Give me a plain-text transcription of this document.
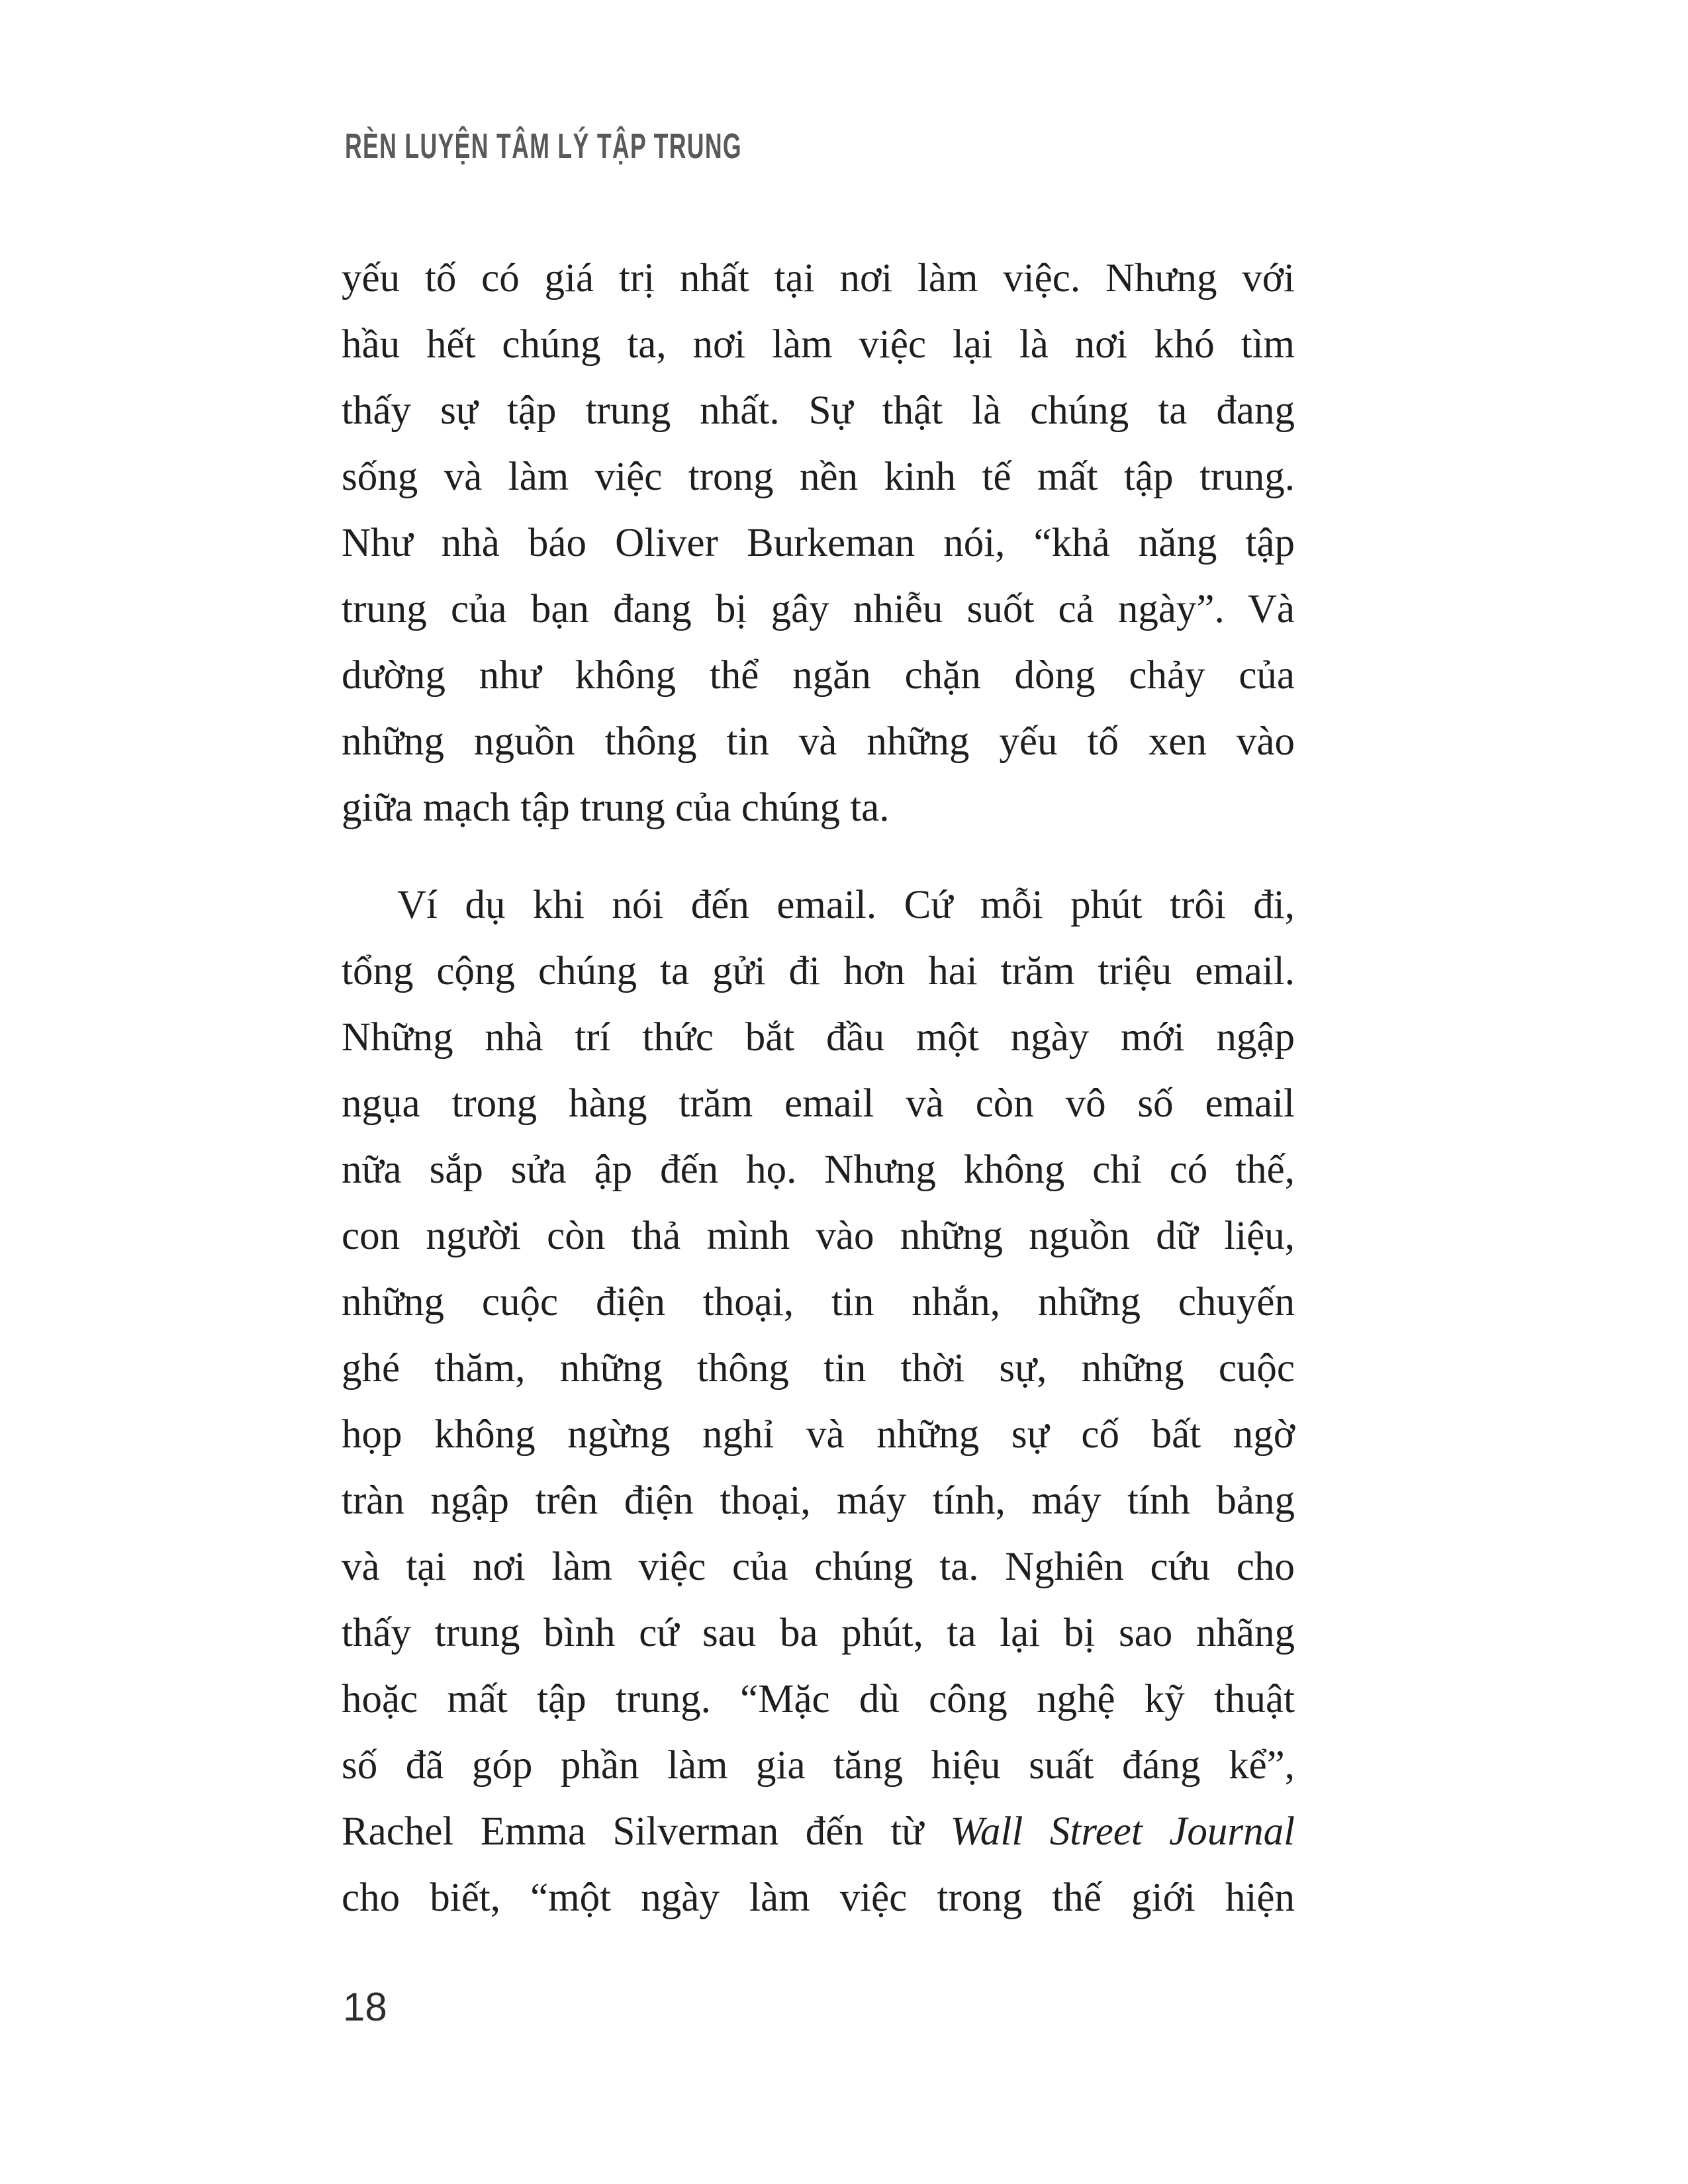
RÈN LUYỆN TÂM LÝ TẬP TRUNG
yếu tố có giá trị nhất tại nơi làm việc. Nhưng với
hầu hết chúng ta, nơi làm việc lại là nơi khó tìm
thấy sự tập trung nhất. Sự thật là chúng ta đang
sống và làm việc trong nền kinh tế mất tập trung.
Như nhà báo Oliver Burkeman nói, “khả năng tập
trung của bạn đang bị gây nhiễu suốt cả ngày”. Và
dường như không thể ngăn chặn dòng chảy của
những nguồn thông tin và những yếu tố xen vào
giữa mạch tập trung của chúng ta.
Ví dụ khi nói đến email. Cứ mỗi phút trôi đi,
tổng cộng chúng ta gửi đi hơn hai trăm triệu email.
Những nhà trí thức bắt đầu một ngày mới ngập
ngụa trong hàng trăm email và còn vô số email
nữa sắp sửa ập đến họ. Nhưng không chỉ có thế,
con người còn thả mình vào những nguồn dữ liệu,
những cuộc điện thoại, tin nhắn, những chuyến
ghé thăm, những thông tin thời sự, những cuộc
họp không ngừng nghỉ và những sự cố bất ngờ
tràn ngập trên điện thoại, máy tính, máy tính bảng
và tại nơi làm việc của chúng ta. Nghiên cứu cho
thấy trung bình cứ sau ba phút, ta lại bị sao nhãng
hoặc mất tập trung. “Mặc dù công nghệ kỹ thuật
số đã góp phần làm gia tăng hiệu suất đáng kể”,
Rachel Emma Silverman đến từ Wall Street Journal
cho biết, “một ngày làm việc trong thế giới hiện
18
